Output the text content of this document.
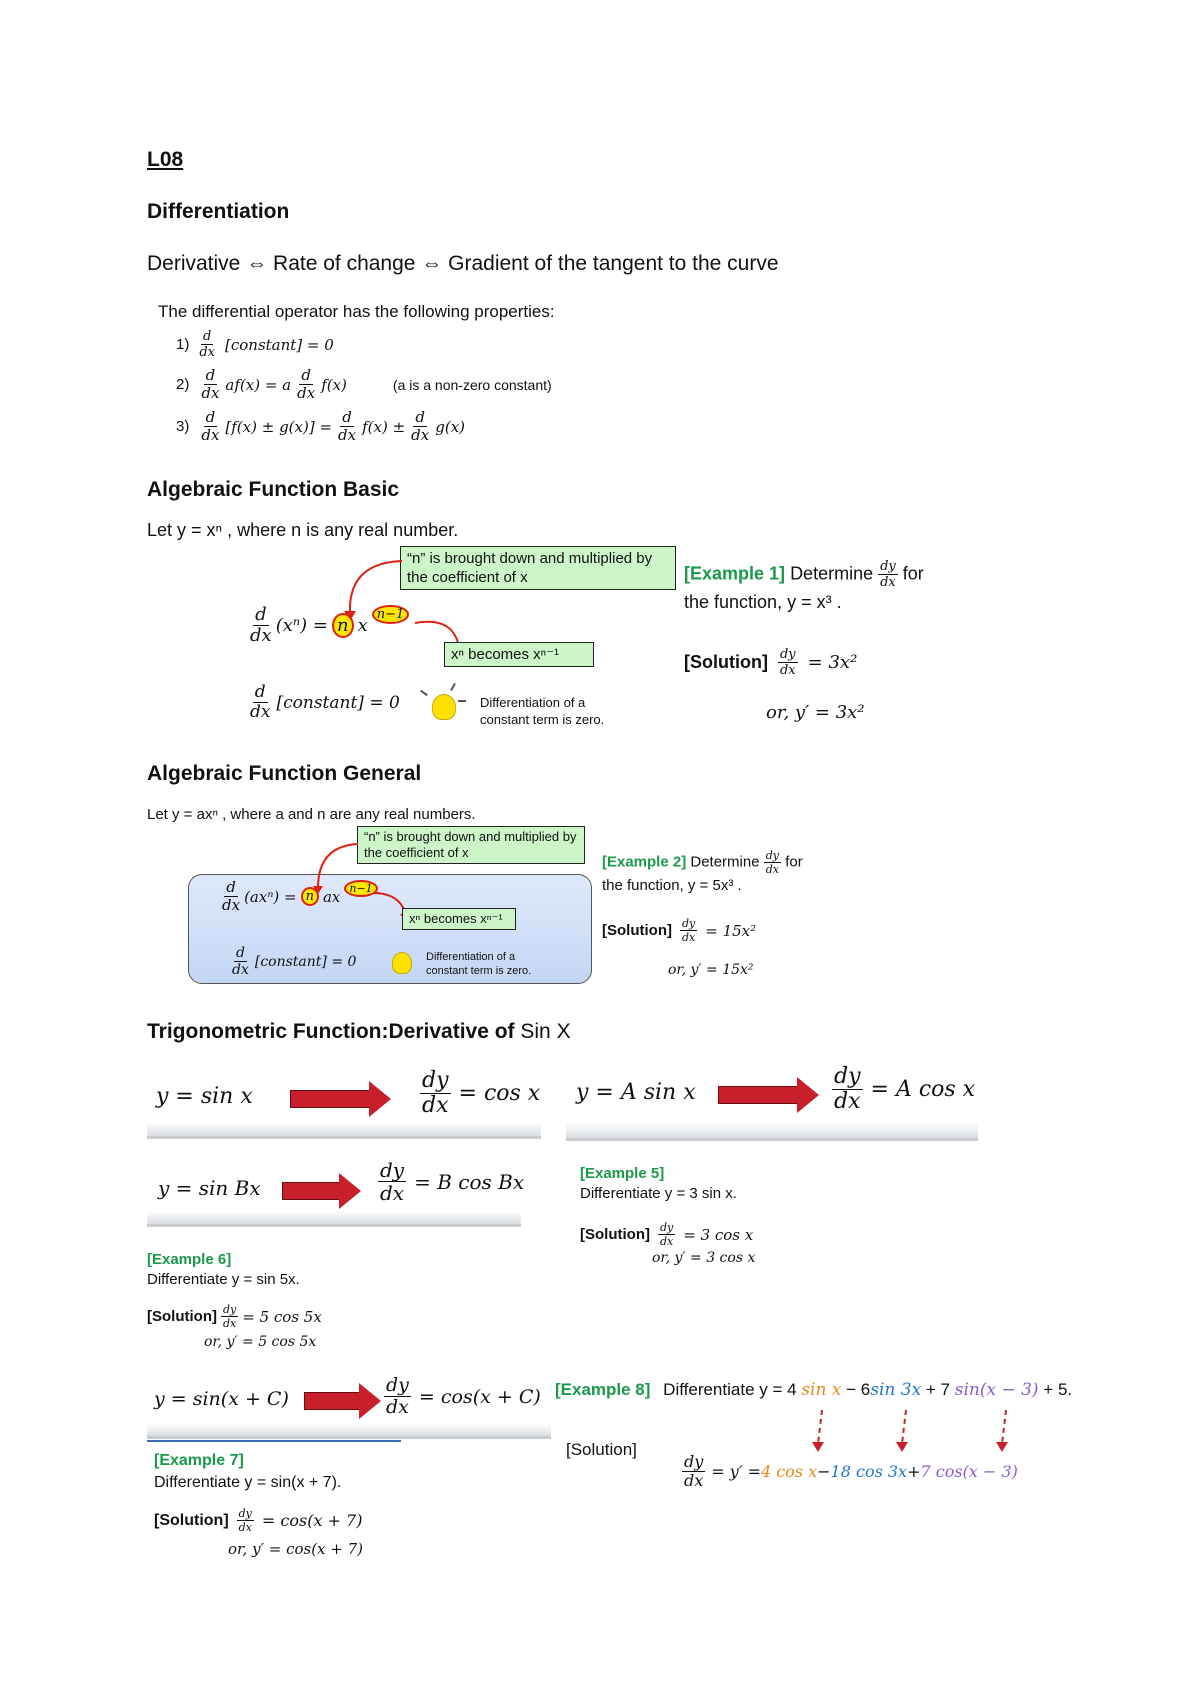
L08
Differentiation
Derivative ⇔ Rate of change ⇔ Gradient of the tangent to the curve
The differential operator has the following properties:
$1) \frac{d}{dx}$ [constant] = 0
$2) \frac{d}{dx} af(x) = a \frac{d}{dx} f(x)$	(a is a non-zero constant)
$3) \frac{d}{dx} [f(x) \pm g(x)] = \frac{d}{dx} f(x) \pm \frac{d}{dx} g(x)$
Algebraic Function Basic
Let y = xⁿ , where n is any real number.
“n” is brought down and multiplied by the coefficient of x
$\frac{d}{dx} (x^n) = n$ x
n−1
xⁿ becomes xⁿ⁻¹
$\frac{d}{dx}$ [constant] = 0	Differentiation of a constant term is zero.
[Example 1] Determine $\frac{dy}{dx}$ for
the function, y = x³ .
[Solution] $\frac{dy}{dx} = 3x^2$
or, y′ = 3x²
Algebraic Function General
Let y = axⁿ , where a and n are any real numbers.
“n” is brought down and multiplied by the coefficient of x
$\frac{d}{dx} (ax^n) = n$ ax n−1
xⁿ becomes xⁿ⁻¹
$\frac{d}{dx}$ [constant] = 0	Differentiation of a constant term is zero.
[Example 2] Determine $\frac{dy}{dx}$ for
the function, y = 5x³ .
[Solution] $\frac{dy}{dx} = 15x^2$
or, y′ = 15x²
Trigonometric Function:Derivative of Sin X
y = sin x	$\frac{dy}{dx} = \cos x$ y = A sin x	$\frac{dy}{dx} = A$ cos x
y = sin Bx	$\frac{dy}{dx} = B$ cos Bx	[Example 5]
Differentiate y = 3 sin x.
[Solution] $\frac{dy}{dx} = 3$ cos x
or, y′ = 3 cos x
[Example 6]
Differentiate y = sin 5x.
[Solution] $\frac{dy}{dx} = 5$ cos 5x
or, y′ = 5 cos 5x
y = sin(x + C)	$\frac{dy}{dx} = \cos(x + C)$
[Example 7]
Differentiate y = sin(x + 7).
[Solution] $\frac{dy}{dx} = \cos(x + 7)$
or, y′ = cos(x + 7)
[Example 8] Differentiate y = 4 sin x − 6sin 3x + 7 sin(x − 3) + 5.
[Solution]
$\frac{dy}{dx} = y' = 4$ cos x − 18 cos 3x + 7 cos(x − 3)
